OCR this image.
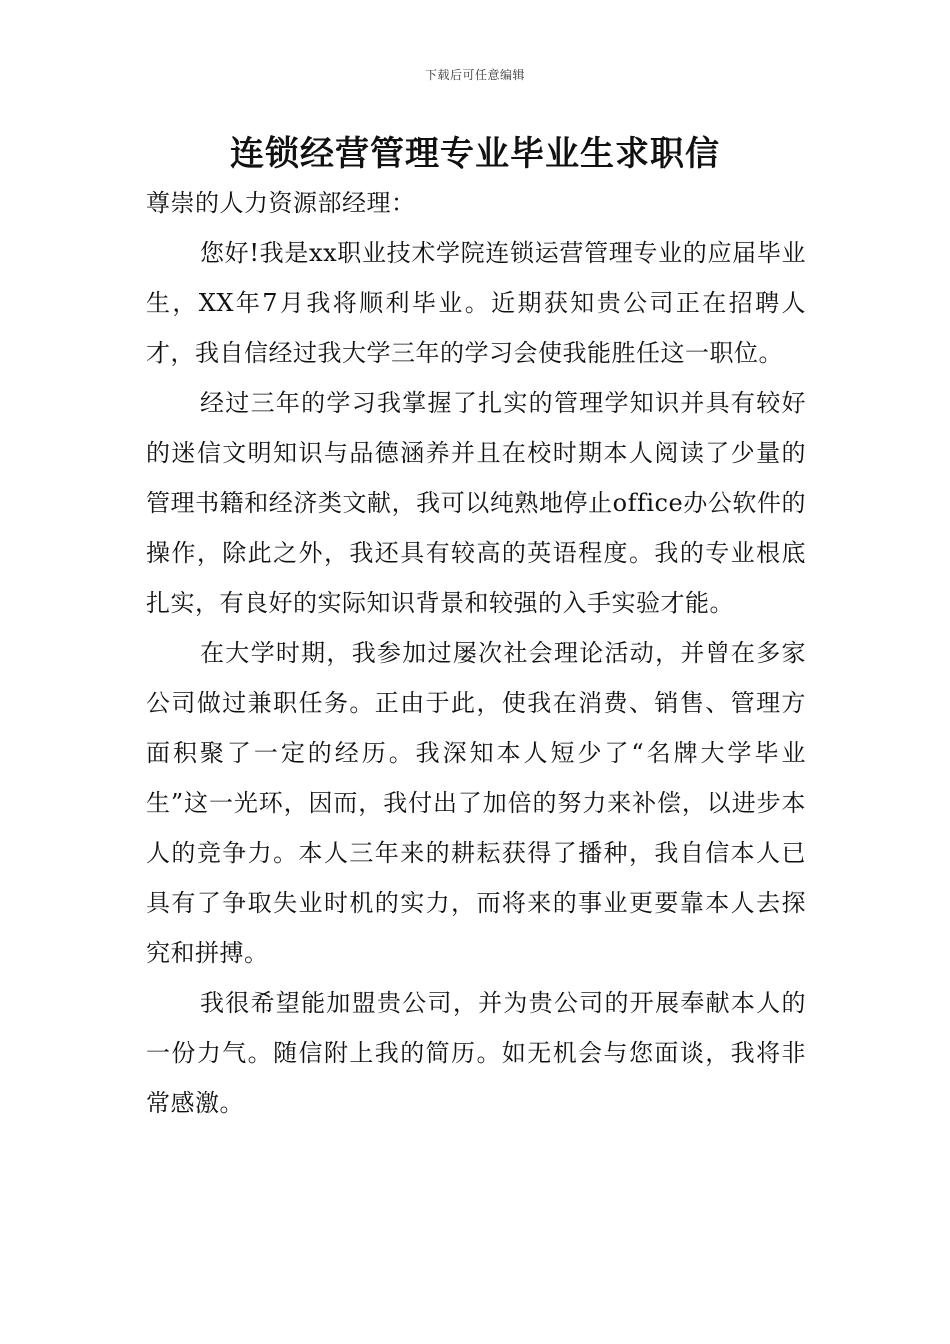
下载后可任意编辑
连锁经营管理专业毕业生求职信

尊崇的人力资源部经理：

您好!我是xx职业技术学院连锁运营管理专业的应届毕业生，XX年7月我将顺利毕业。近期获知贵公司正在招聘人才，我自信经过我大学三年的学习会使我能胜任这一职位。

经过三年的学习我掌握了扎实的管理学知识并具有较好的迷信文明知识与品德涵养并且在校时期本人阅读了少量的管理书籍和经济类文献，我可以纯熟地停止office办公软件的操作，除此之外，我还具有较高的英语程度。我的专业根底扎实，有良好的实际知识背景和较强的入手实验才能。

在大学时期，我参加过屡次社会理论活动，并曾在多家公司做过兼职任务。正由于此，使我在消费、销售、管理方面积聚了一定的经历。我深知本人短少了“名牌大学毕业生”这一光环，因而，我付出了加倍的努力来补偿，以进步本人的竞争力。本人三年来的耕耘获得了播种，我自信本人已具有了争取失业时机的实力，而将来的事业更要靠本人去探究和拼搏。

我很希望能加盟贵公司，并为贵公司的开展奉献本人的一份力气。随信附上我的简历。如无机会与您面谈，我将非常感激。
